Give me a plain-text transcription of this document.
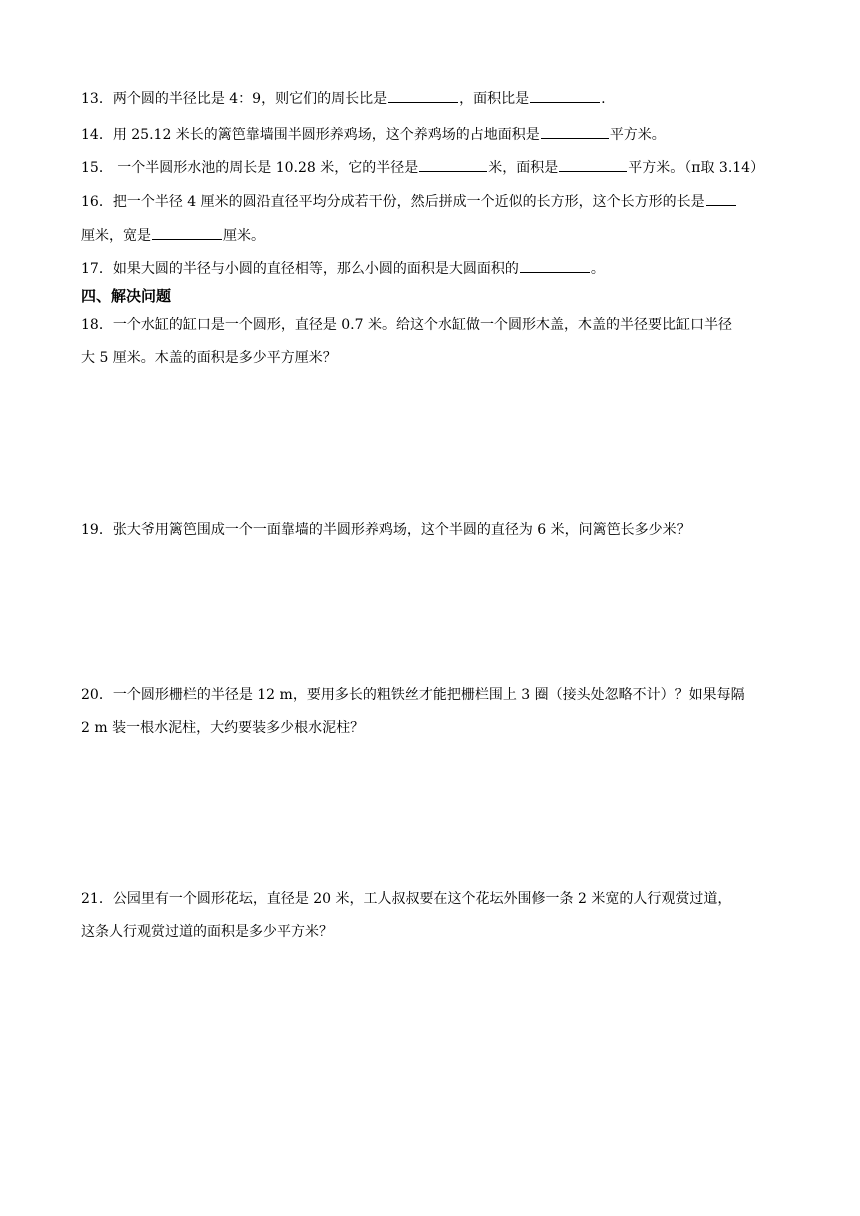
13．两个圆的半径比是 4：9，则它们的周长比是	，面积比是	.

14．用 25.12 米长的篱笆靠墙围半圆形养鸡场，这个养鸡场的占地面积是	平方米。

15． 一个半圆形水池的周长是 10.28 米，它的半径是	米，面积是	平方米。（π取 3.14）

16．把一个半径 4 厘米的圆沿直径平均分成若干份，然后拼成一个近似的长方形，这个长方形的长是

厘米，宽是	厘米。

17．如果大圆的半径与小圆的直径相等，那么小圆的面积是大圆面积的	。

四、解决问题

18．一个水缸的缸口是一个圆形，直径是 0.7 米。给这个水缸做一个圆形木盖，木盖的半径要比缸口半径

大 5 厘米。木盖的面积是多少平方厘米？

19．张大爷用篱笆围成一个一面靠墙的半圆形养鸡场，这个半圆的直径为 6 米，问篱笆长多少米？

20．一个圆形栅栏的半径是 12 m，要用多长的粗铁丝才能把栅栏围上 3 圈（接头处忽略不计）？如果每隔

2 m 装一根水泥柱，大约要装多少根水泥柱？

21．公园里有一个圆形花坛，直径是 20 米，工人叔叔要在这个花坛外围修一条 2 米宽的人行观赏过道，

这条人行观赏过道的面积是多少平方米？
